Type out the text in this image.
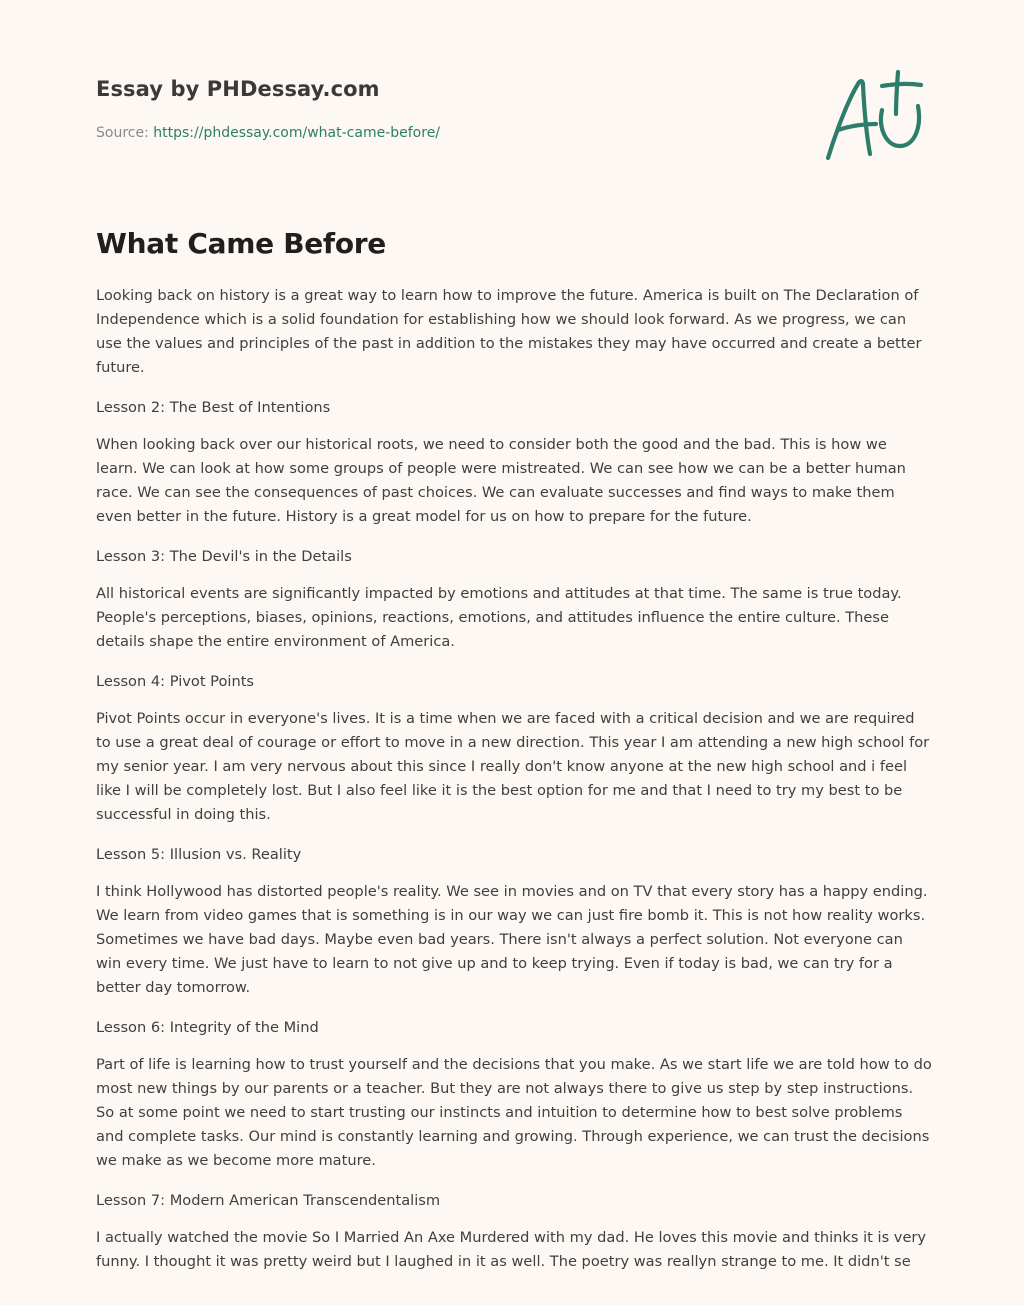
Essay by PHDessay.com
Source: https://phdessay.com/what-came-before/
What Came Before

Looking back on history is a great way to learn how to improve the future. America is built on The Declaration of Independence which is a solid foundation for establishing how we should look forward. As we progress, we can use the values and principles of the past in addition to the mistakes they may have occurred and create a better future.

Lesson 2: The Best of Intentions

When looking back over our historical roots, we need to consider both the good and the bad. This is how we learn. We can look at how some groups of people were mistreated. We can see how we can be a better human race. We can see the consequences of past choices. We can evaluate successes and find ways to make them even better in the future. History is a great model for us on how to prepare for the future.

Lesson 3: The Devil's in the Details

All historical events are significantly impacted by emotions and attitudes at that time. The same is true today. People's perceptions, biases, opinions, reactions, emotions, and attitudes influence the entire culture. These details shape the entire environment of America.

Lesson 4: Pivot Points

Pivot Points occur in everyone's lives. It is a time when we are faced with a critical decision and we are required to use a great deal of courage or effort to move in a new direction. This year I am attending a new high school for my senior year. I am very nervous about this since I really don't know anyone at the new high school and i feel like I will be completely lost. But I also feel like it is the best option for me and that I need to try my best to be successful in doing this.

Lesson 5: Illusion vs. Reality

I think Hollywood has distorted people's reality. We see in movies and on TV that every story has a happy ending. We learn from video games that is something is in our way we can just fire bomb it. This is not how reality works. Sometimes we have bad days. Maybe even bad years. There isn't always a perfect solution. Not everyone can win every time. We just have to learn to not give up and to keep trying. Even if today is bad, we can try for a better day tomorrow.

Lesson 6: Integrity of the Mind

Part of life is learning how to trust yourself and the decisions that you make. As we start life we are told how to do most new things by our parents or a teacher. But they are not always there to give us step by step instructions. So at some point we need to start trusting our instincts and intuition to determine how to best solve problems and complete tasks. Our mind is constantly learning and growing. Through experience, we can trust the decisions we make as we become more mature.

Lesson 7: Modern American Transcendentalism

I actually watched the movie So I Married An Axe Murdered with my dad. He loves this movie and thinks it is very funny. I thought it was pretty weird but I laughed in it as well. The poetry was reallyn strange to me. It didn't se
